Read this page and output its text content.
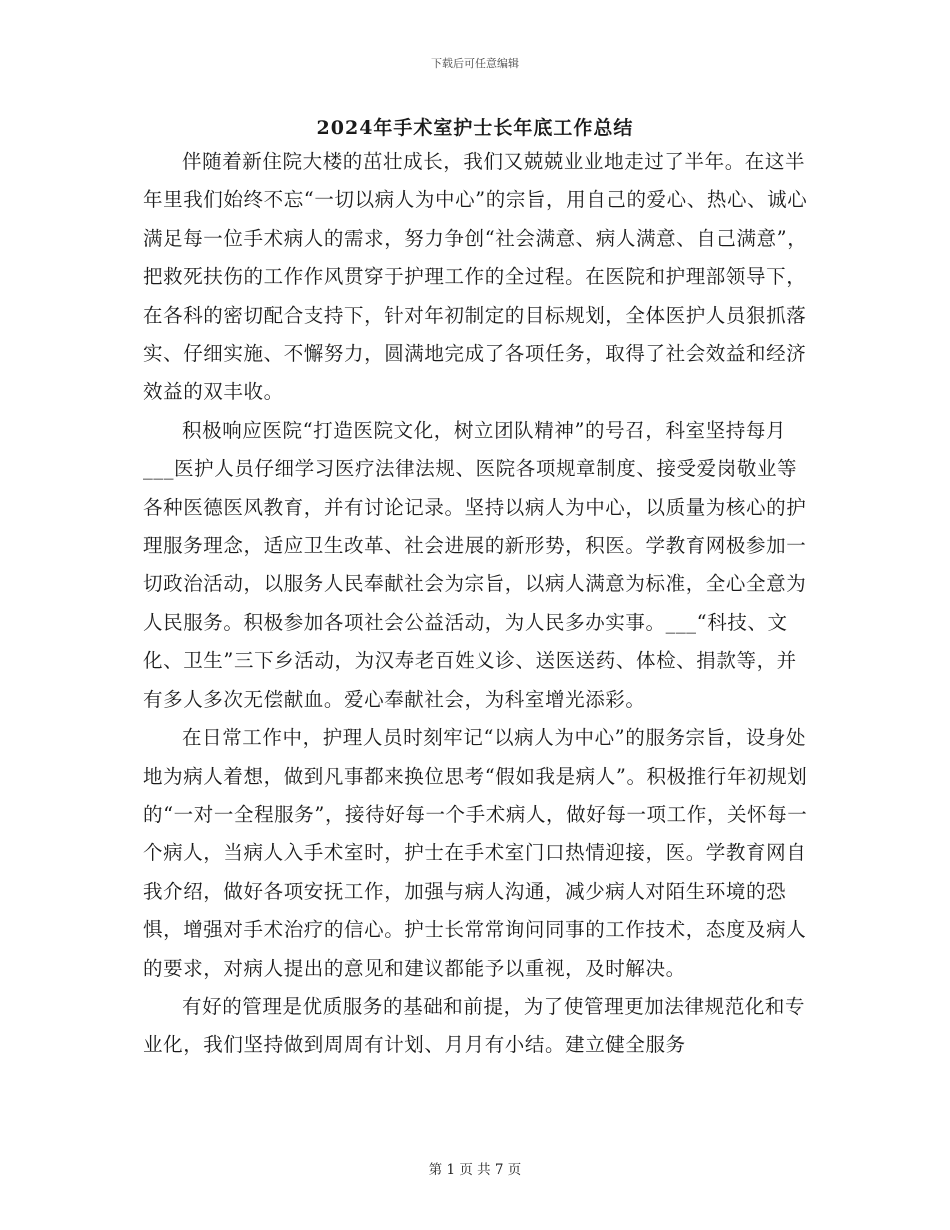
下载后可任意编辑
2024年手术室护士长年底工作总结

伴随着新住院大楼的茁壮成长，我们又兢兢业业地走过了半年。在这半年里我们始终不忘“一切以病人为中心”的宗旨，用自己的爱心、热心、诚心满足每一位手术病人的需求，努力争创“社会满意、病人满意、自己满意”，把救死扶伤的工作作风贯穿于护理工作的全过程。在医院和护理部领导下，在各科的密切配合支持下，针对年初制定的目标规划，全体医护人员狠抓落实、仔细实施、不懈努力，圆满地完成了各项任务，取得了社会效益和经济效益的双丰收。

积极响应医院“打造医院文化，树立团队精神”的号召，科室坚持每月___医护人员仔细学习医疗法律法规、医院各项规章制度、接受爱岗敬业等各种医德医风教育，并有讨论记录。坚持以病人为中心，以质量为核心的护理服务理念，适应卫生改革、社会进展的新形势，积医。学教育网极参加一切政治活动，以服务人民奉献社会为宗旨，以病人满意为标准，全心全意为人民服务。积极参加各项社会公益活动，为人民多办实事。___“科技、文化、卫生”三下乡活动，为汉寿老百姓义诊、送医送药、体检、捐款等，并有多人多次无偿献血。爱心奉献社会，为科室增光添彩。

在日常工作中，护理人员时刻牢记“以病人为中心”的服务宗旨，设身处地为病人着想，做到凡事都来换位思考“假如我是病人”。积极推行年初规划的“一对一全程服务”，接待好每一个手术病人，做好每一项工作，关怀每一个病人，当病人入手术室时，护士在手术室门口热情迎接，医。学教育网自我介绍，做好各项安抚工作，加强与病人沟通，减少病人对陌生环境的恐惧，增强对手术治疗的信心。护士长常常询问同事的工作技术，态度及病人的要求，对病人提出的意见和建议都能予以重视，及时解决。

有好的管理是优质服务的基础和前提，为了使管理更加法律规范化和专业化，我们坚持做到周周有计划、月月有小结。建立健全服务

第 1 页 共 7 页
